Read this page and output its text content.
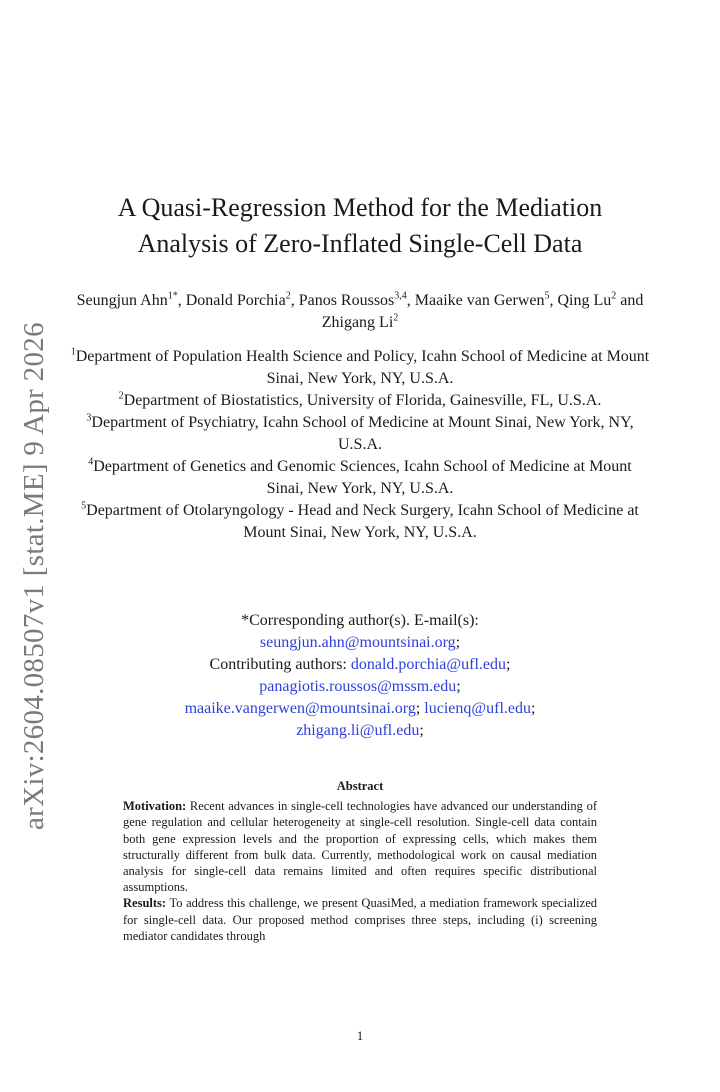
arXiv:2604.08507v1 [stat.ME] 9 Apr 2026
A Quasi-Regression Method for the Mediation
Analysis of Zero-Inflated Single-Cell Data
Seungjun Ahn$^{1*}$, Donald Porchia$^2$, Panos Roussos$^{3,4}$, Maaike van Gerwen$^5$, Qing Lu$^2$ and Zhigang Li$^2$
$^1$Department of Population Health Science and Policy, Icahn School of Medicine at Mount Sinai, New York, NY, U.S.A.
$^2$Department of Biostatistics, University of Florida, Gainesville, FL, U.S.A.
$^3$Department of Psychiatry, Icahn School of Medicine at Mount Sinai, New York, NY, U.S.A.
$^4$Department of Genetics and Genomic Sciences, Icahn School of Medicine at Mount Sinai, New York, NY, U.S.A.
$^5$Department of Otolaryngology - Head and Neck Surgery, Icahn School of Medicine at Mount Sinai, New York, NY, U.S.A.
*Corresponding author(s). E-mail(s):
seungjun.ahn@mountsinai.org;
Contributing authors: donald.porchia@ufl.edu;
panagiotis.roussos@mssm.edu;
maaike.vangerwen@mountsinai.org; lucienq@ufl.edu;
zhigang.li@ufl.edu;
Abstract

Motivation: Recent advances in single-cell technologies have advanced our understanding of gene regulation and cellular heterogeneity at single-cell resolution. Single-cell data contain both gene expression levels and the proportion of expressing cells, which makes them structurally different from bulk data. Currently, methodological work on causal mediation analysis for single-cell data remains limited and often requires specific distributional assumptions.

Results: To address this challenge, we present QuasiMed, a mediation framework specialized for single-cell data. Our proposed method comprises three steps, including (i) screening mediator candidates through

1
